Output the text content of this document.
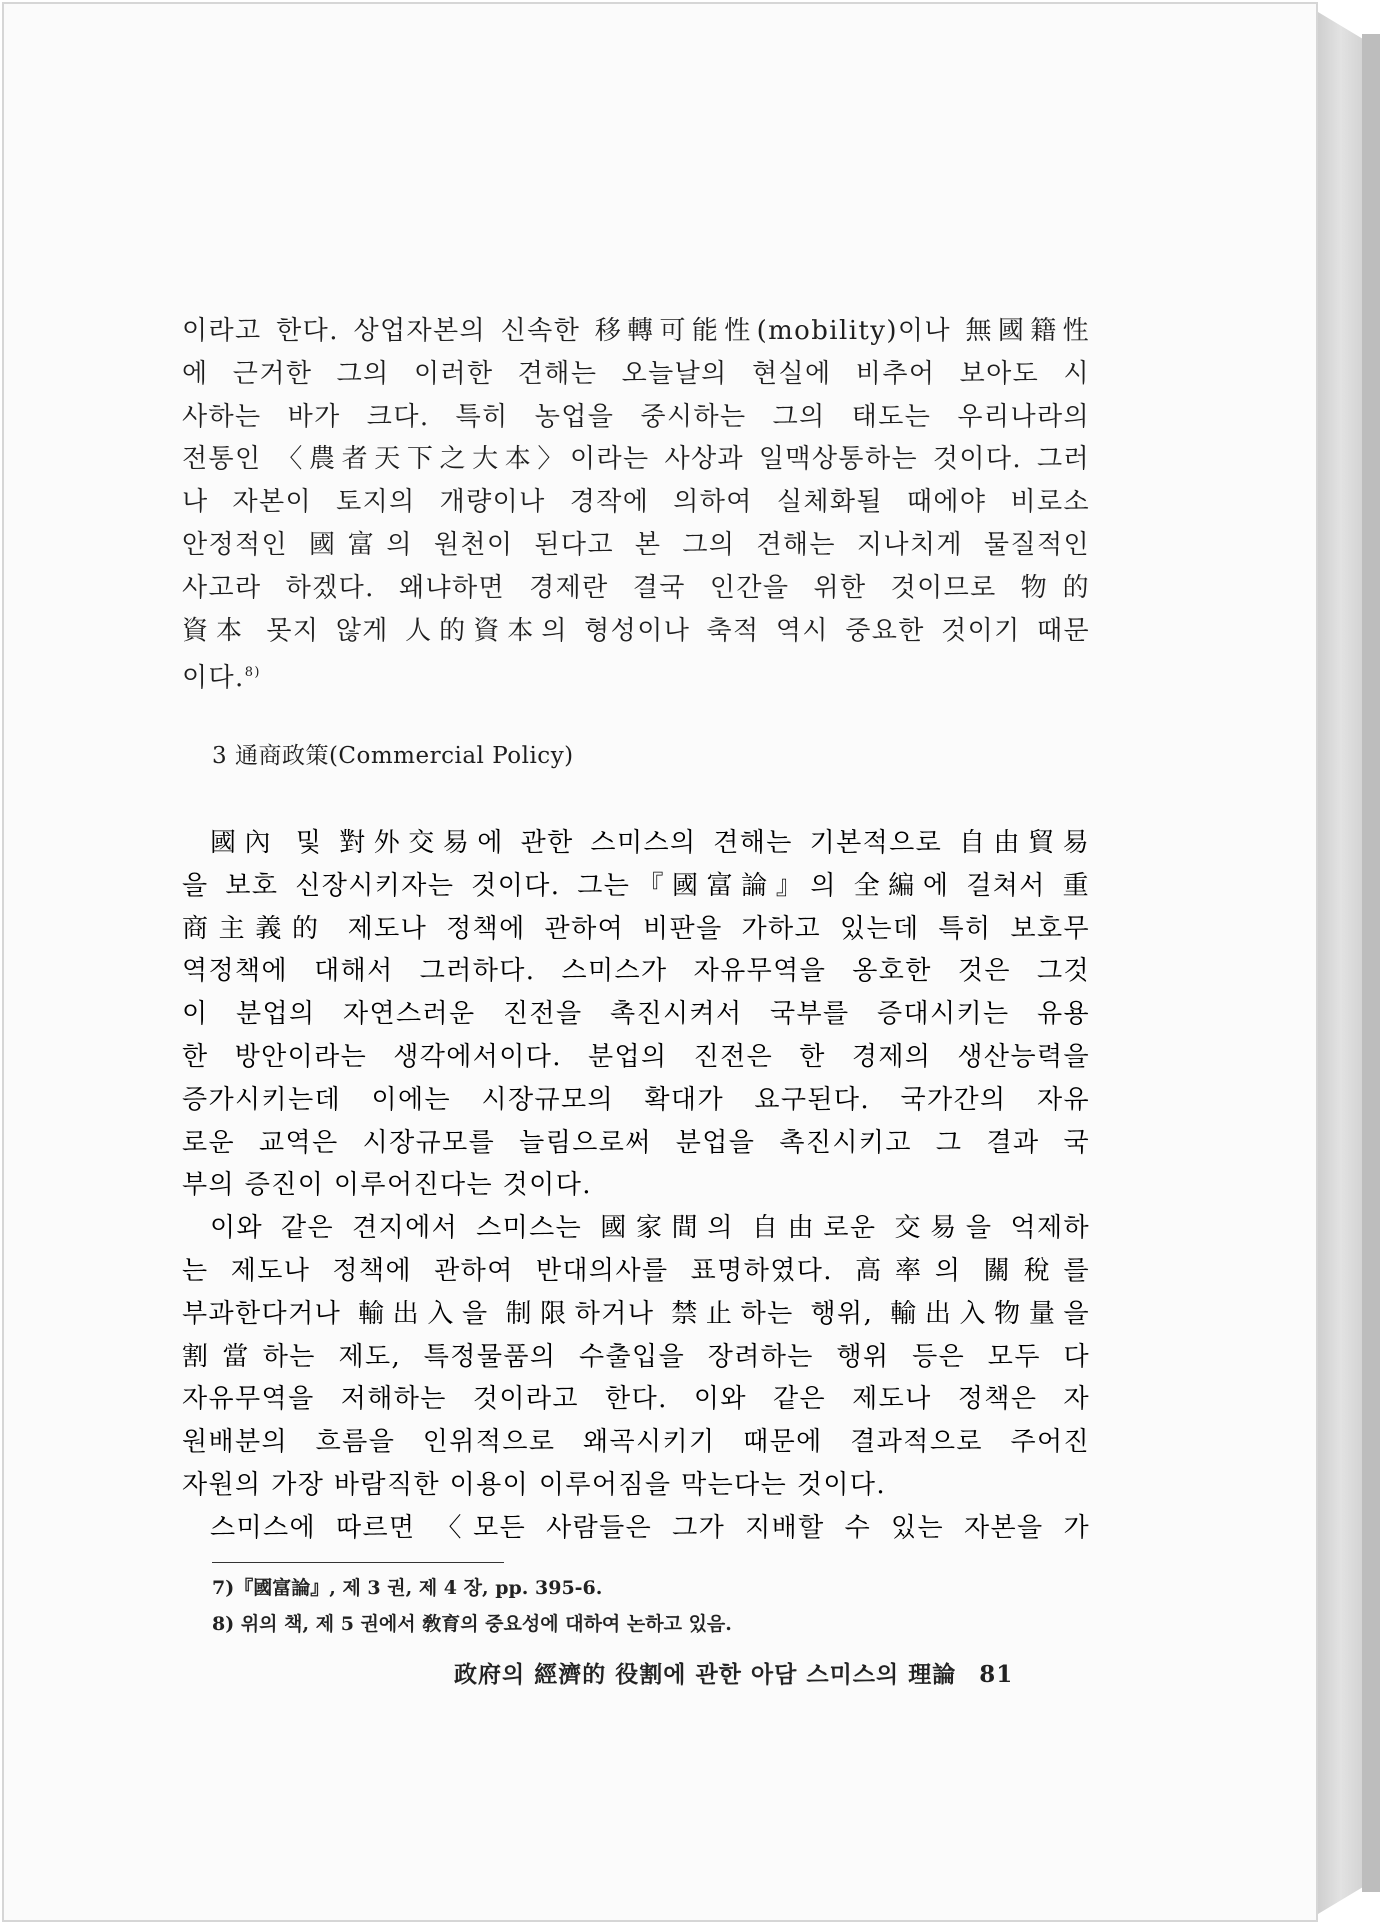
이라고 한다. 상업자본의 신속한 移轉可能性(mobility)이나 無國籍性

에 근거한 그의 이러한 견해는 오늘날의 현실에 비추어 보아도 시

사하는 바가 크다. 특히 농업을 중시하는 그의 태도는 우리나라의

전통인 〈農者天下之大本〉이라는 사상과 일맥상통하는 것이다. 그러

나 자본이 토지의 개량이나 경작에 의하여 실체화될 때에야 비로소

안정적인 國富의 원천이 된다고 본 그의 견해는 지나치게 물질적인

사고라 하겠다. 왜냐하면 경제란 결국 인간을 위한 것이므로 物的

資本 못지 않게 人的資本의 형성이나 축적 역시 중요한 것이기 때문

이다.$^{8)}$

3 通商政策(Commercial Policy)

國內 및 對外交易에 관한 스미스의 견해는 기본적으로 自由貿易

을 보호 신장시키자는 것이다. 그는『國富論』의 全編에 걸쳐서 重

商主義的 제도나 정책에 관하여 비판을 가하고 있는데 특히 보호무

역정책에 대해서 그러하다. 스미스가 자유무역을 옹호한 것은 그것

이 분업의 자연스러운 진전을 촉진시켜서 국부를 증대시키는 유용

한 방안이라는 생각에서이다. 분업의 진전은 한 경제의 생산능력을

증가시키는데 이에는 시장규모의 확대가 요구된다. 국가간의 자유

로운 교역은 시장규모를 늘림으로써 분업을 촉진시키고 그 결과 국

부의 증진이 이루어진다는 것이다.

이와 같은 견지에서 스미스는 國家間의 自由로운 交易을 억제하

는 제도나 정책에 관하여 반대의사를 표명하였다. 高率의 關稅를

부과한다거나 輸出入을 制限하거나 禁止하는 행위, 輸出入物量을

割當하는 제도, 특정물품의 수출입을 장려하는 행위 등은 모두 다

자유무역을 저해하는 것이라고 한다. 이와 같은 제도나 정책은 자

원배분의 흐름을 인위적으로 왜곡시키기 때문에 결과적으로 주어진

자원의 가장 바람직한 이용이 이루어짐을 막는다는 것이다.

스미스에 따르면 〈모든 사람들은 그가 지배할 수 있는 자본을 가

7)『國富論』, 제 3 권, 제 4 장, pp. 395-6.
8) 위의 책, 제 5 권에서 敎育의 중요성에 대하여 논하고 있음.
政府의 經濟的 役割에 관한 아담 스미스의 理論 81
